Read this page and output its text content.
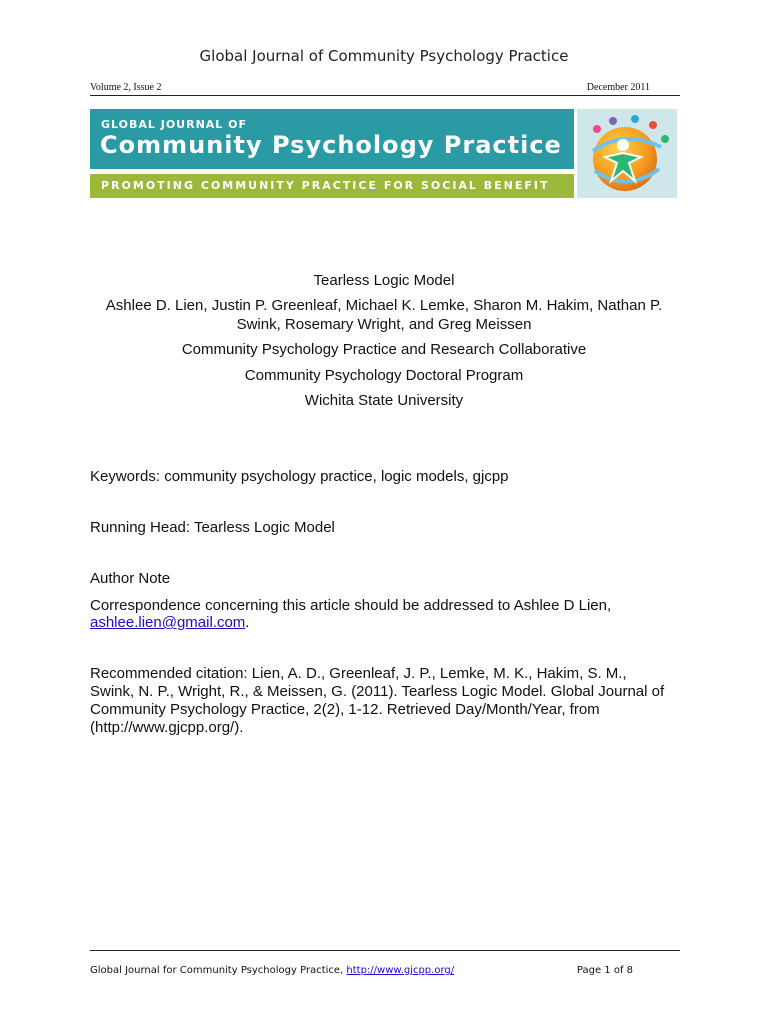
Global Journal of Community Psychology Practice
Volume 2, Issue 2	December 2011
GLOBAL JOURNAL OF
Community Psychology Practice
PROMOTING COMMUNITY PRACTICE FOR SOCIAL BENEFIT
Tearless Logic Model
Ashlee D. Lien, Justin P. Greenleaf, Michael K. Lemke, Sharon M. Hakim, Nathan P.
Swink, Rosemary Wright, and Greg Meissen
Community Psychology Practice and Research Collaborative
Community Psychology Doctoral Program
Wichita State University
Keywords: community psychology practice, logic models, gjcpp
Running Head: Tearless Logic Model
Author Note
Correspondence concerning this article should be addressed to Ashlee D Lien,
ashlee.lien@gmail.com.
Recommended citation: Lien, A. D., Greenleaf, J. P., Lemke, M. K., Hakim, S. M.,
Swink, N. P., Wright, R., & Meissen, G. (2011). Tearless Logic Model. Global Journal of
Community Psychology Practice, 2(2), 1-12. Retrieved Day/Month/Year, from
(http://www.gjcpp.org/).
Global Journal for Community Psychology Practice, http://www.gjcpp.org/	Page 1 of 8
